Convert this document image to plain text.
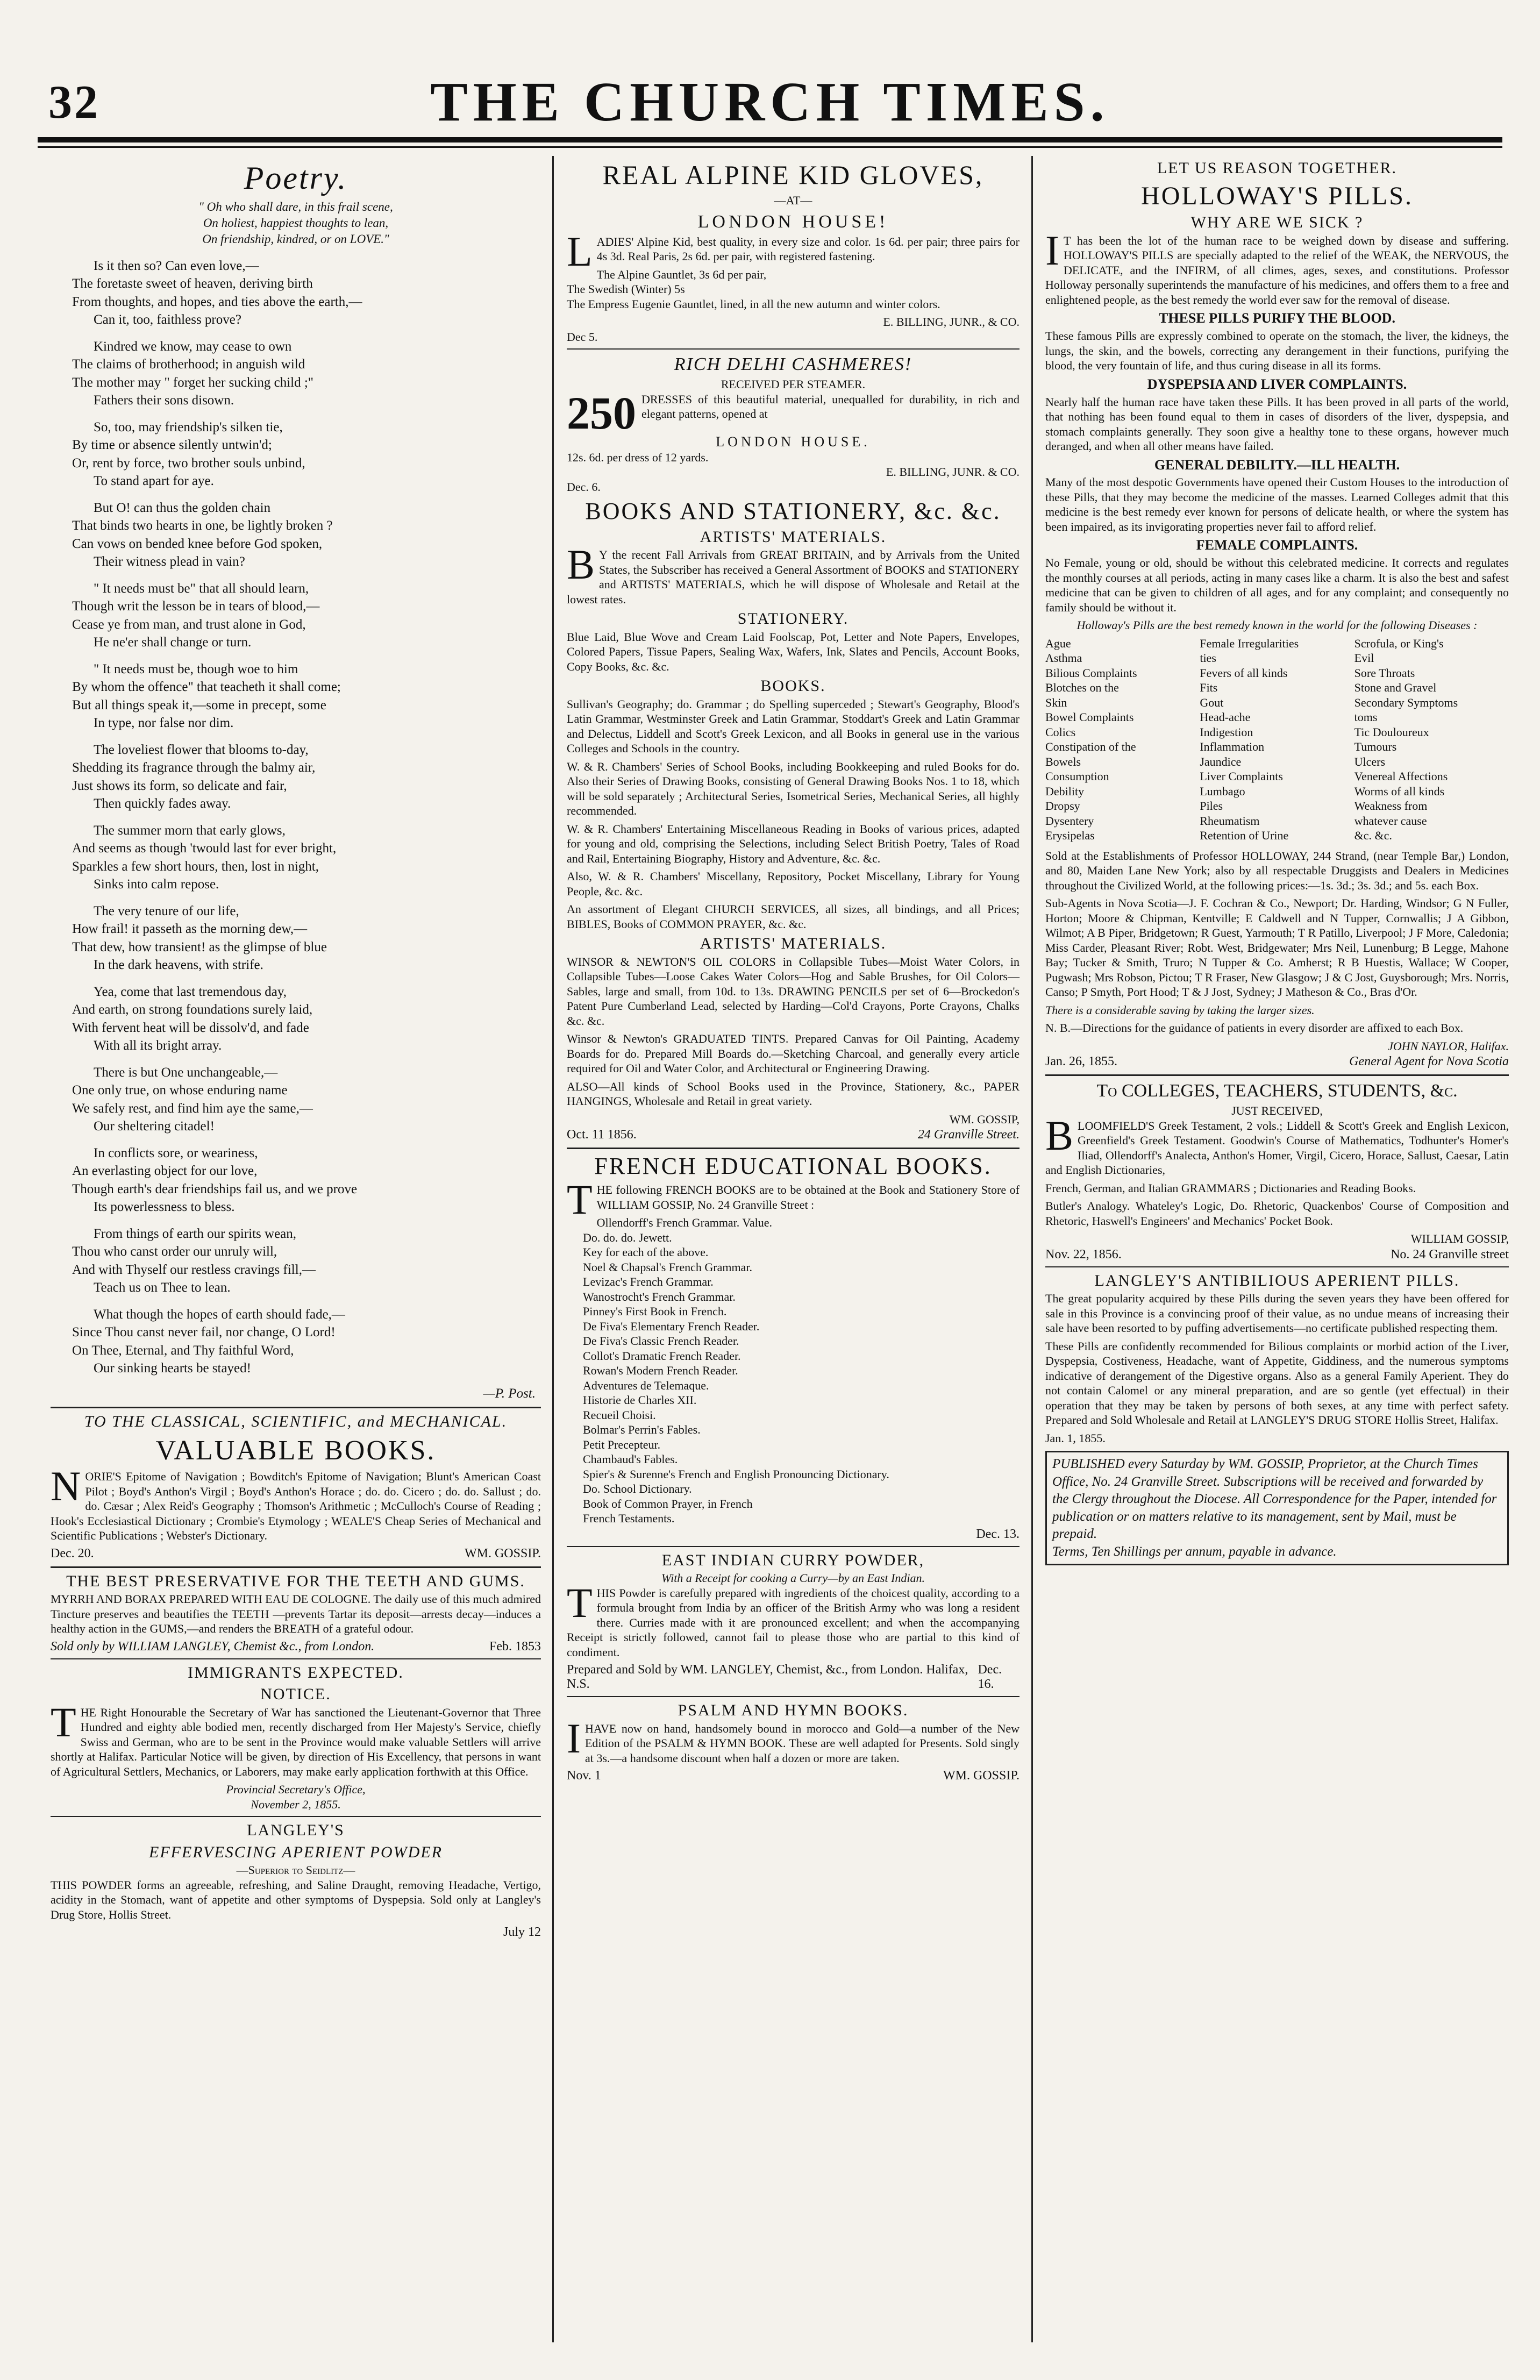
32	THE CHURCH TIMES.
Poetry.
" Oh who shall dare, in this frail scene,
On holiest, happiest thoughts to lean,
On friendship, kindred, or on LOVE."

Is it then so? Can even love,—

The foretaste sweet of heaven, deriving birth

From thoughts, and hopes, and ties above the earth,—

Can it, too, faithless prove?

Kindred we know, may cease to own

The claims of brotherhood; in anguish wild

The mother may " forget her sucking child ;"

Fathers their sons disown.

So, too, may friendship's silken tie,

By time or absence silently untwin'd;

Or, rent by force, two brother souls unbind,

To stand apart for aye.

But O! can thus the golden chain

That binds two hearts in one, be lightly broken ?

Can vows on bended knee before God spoken,

Their witness plead in vain?

" It needs must be" that all should learn,

Though writ the lesson be in tears of blood,—

Cease ye from man, and trust alone in God,

He ne'er shall change or turn.

" It needs must be, though woe to him

By whom the offence" that teacheth it shall come;

But all things speak it,—some in precept, some

In type, nor false nor dim.

The loveliest flower that blooms to-day,

Shedding its fragrance through the balmy air,

Just shows its form, so delicate and fair,

Then quickly fades away.

The summer morn that early glows,

And seems as though 'twould last for ever bright,

Sparkles a few short hours, then, lost in night,

Sinks into calm repose.

The very tenure of our life,

How frail! it passeth as the morning dew,—

That dew, how transient! as the glimpse of blue

In the dark heavens, with strife.

Yea, come that last tremendous day,

And earth, on strong foundations surely laid,

With fervent heat will be dissolv'd, and fade

With all its bright array.

There is but One unchangeable,—

One only true, on whose enduring name

We safely rest, and find him aye the same,—

Our sheltering citadel!

In conflicts sore, or weariness,

An everlasting object for our love,

Though earth's dear friendships fail us, and we prove

Its powerlessness to bless.

From things of earth our spirits wean,

Thou who canst order our unruly will,

And with Thyself our restless cravings fill,—

Teach us on Thee to lean.

What though the hopes of earth should fade,—

Since Thou canst never fail, nor change, O Lord!

On Thee, Eternal, and Thy faithful Word,

Our sinking hearts be stayed!

—P. Post.
TO THE CLASSICAL, SCIENTIFIC, and MECHANICAL.
VALUABLE BOOKS.

NORIE'S Epitome of Navigation ; Bowditch's Epitome of Navigation; Blunt's American Coast Pilot ; Boyd's Anthon's Virgil ; Boyd's Anthon's Horace ; do. do. Cicero ; do. do. Sallust ; do. do. Cæsar ; Alex Reid's Geography ; Thomson's Arithmetic ; McCulloch's Course of Reading ; Hook's Ecclesiastical Dictionary ; Crombie's Etymology ; WEALE'S Cheap Series of Mechanical and Scientific Publications ; Webster's Dictionary.

Dec. 20.	WM. GOSSIP.
THE BEST PRESERVATIVE FOR THE TEETH AND GUMS.

MYRRH AND BORAX PREPARED WITH EAU DE COLOGNE. The daily use of this much admired Tincture preserves and beautifies the TEETH —prevents Tartar its deposit—arrests decay—induces a healthy action in the GUMS,—and renders the BREATH of a grateful odour.

Sold only by WILLIAM LANGLEY, Chemist &c., from London.	Feb. 1853
IMMIGRANTS EXPECTED.
NOTICE.

THE Right Honourable the Secretary of War has sanctioned the Lieutenant-Governor that Three Hundred and eighty able bodied men, recently discharged from Her Majesty's Service, chiefly Swiss and German, who are to be sent in the Province would make valuable Settlers will arrive shortly at Halifax. Particular Notice will be given, by direction of His Excellency, that persons in want of Agricultural Settlers, Mechanics, or Laborers, may make early application forthwith at this Office.

Provincial Secretary's Office,
November 2, 1855.
LANGLEY'S
EFFERVESCING APERIENT POWDER
—Superior to Seidlitz—

THIS POWDER forms an agreeable, refreshing, and Saline Draught, removing Headache, Vertigo, acidity in the Stomach, want of appetite and other symptoms of Dyspepsia. Sold only at Langley's Drug Store, Hollis Street.

July 12
REAL ALPINE KID GLOVES,
—AT—
LONDON HOUSE!

LADIES' Alpine Kid, best quality, in every size and color. 1s 6d. per pair; three pairs for 4s 3d. Real Paris, 2s 6d. per pair, with registered fastening.

The Alpine Gauntlet, 3s 6d per pair,

The Swedish (Winter) 5s

The Empress Eugenie Gauntlet, lined, in all the new autumn and winter colors.

E. BILLING, JUNR., & CO.
Dec 5.
RICH DELHI CASHMERES!
RECEIVED PER STEAMER.
250 DRESSES of this beautiful material, unequalled for durability, in rich and elegant patterns, opened at

LONDON HOUSE.
12s. 6d. per dress of 12 yards.
E. BILLING, JUNR. & CO.
Dec. 6.
BOOKS AND STATIONERY, &c. &c.
ARTISTS' MATERIALS.

BY the recent Fall Arrivals from GREAT BRITAIN, and by Arrivals from the United States, the Subscriber has received a General Assortment of BOOKS and STATIONERY and ARTISTS' MATERIALS, which he will dispose of Wholesale and Retail at the lowest rates.

STATIONERY.

Blue Laid, Blue Wove and Cream Laid Foolscap, Pot, Letter and Note Papers, Envelopes, Colored Papers, Tissue Papers, Sealing Wax, Wafers, Ink, Slates and Pencils, Account Books, Copy Books, &c. &c.

BOOKS.

Sullivan's Geography; do. Grammar ; do Spelling superceded ; Stewart's Geography, Blood's Latin Grammar, Westminster Greek and Latin Grammar, Stoddart's Greek and Latin Grammar and Delectus, Liddell and Scott's Greek Lexicon, and all Books in general use in the various Colleges and Schools in the country.

W. & R. Chambers' Series of School Books, including Bookkeeping and ruled Books for do. Also their Series of Drawing Books, consisting of General Drawing Books Nos. 1 to 18, which will be sold separately ; Architectural Series, Isometrical Series, Mechanical Series, all highly recommended.

W. & R. Chambers' Entertaining Miscellaneous Reading in Books of various prices, adapted for young and old, comprising the Selections, including Select British Poetry, Tales of Road and Rail, Entertaining Biography, History and Adventure, &c. &c.

Also, W. & R. Chambers' Miscellany, Repository, Pocket Miscellany, Library for Young People, &c. &c.

An assortment of Elegant CHURCH SERVICES, all sizes, all bindings, and all Prices; BIBLES, Books of COMMON PRAYER, &c. &c.

ARTISTS' MATERIALS.

WINSOR & NEWTON'S OIL COLORS in Collapsible Tubes—Moist Water Colors, in Collapsible Tubes—Loose Cakes Water Colors—Hog and Sable Brushes, for Oil Colors—Sables, large and small, from 10d. to 13s. DRAWING PENCILS per set of 6—Brockedon's Patent Pure Cumberland Lead, selected by Harding—Col'd Crayons, Porte Crayons, Chalks &c. &c.

Winsor & Newton's GRADUATED TINTS. Prepared Canvas for Oil Painting, Academy Boards for do. Prepared Mill Boards do.—Sketching Charcoal, and generally every article required for Oil and Water Color, and Architectural or Engineering Drawing.

ALSO—All kinds of School Books used in the Province, Stationery, &c., PAPER HANGINGS, Wholesale and Retail in great variety.

WM. GOSSIP,
Oct. 11 1856.	24 Granville Street.
FRENCH EDUCATIONAL BOOKS.

THE following FRENCH BOOKS are to be obtained at the Book and Stationery Store of WILLIAM GOSSIP, No. 24 Granville Street :

Ollendorff's French Grammar. Value.
Do. do. do. Jewett.
Key for each of the above.
Noel & Chapsal's French Grammar.
Levizac's French Grammar.
Wanostrocht's French Grammar.
Pinney's First Book in French.
De Fiva's Elementary French Reader.
De Fiva's Classic French Reader.
Collot's Dramatic French Reader.
Rowan's Modern French Reader.
Adventures de Telemaque.
Historie de Charles XII.
Recueil Choisi.
Bolmar's Perrin's Fables.
Petit Precepteur.
Chambaud's Fables.
Spier's & Surenne's French and English Pronouncing Dictionary.
Do. School Dictionary.
Book of Common Prayer, in French
French Testaments.
Dec. 13.
EAST INDIAN CURRY POWDER,
With a Receipt for cooking a Curry—by an East Indian.

THIS Powder is carefully prepared with ingredients of the choicest quality, according to a formula brought from India by an officer of the British Army who was long a resident there. Curries made with it are pronounced excellent; and when the accompanying Receipt is strictly followed, cannot fail to please those who are partial to this kind of condiment.

Prepared and Sold by WM. LANGLEY, Chemist, &c., from London. Halifax, N.S.
Dec. 16.
PSALM AND HYMN BOOKS.

IHAVE now on hand, handsomely bound in morocco and Gold—a number of the New Edition of the PSALM & HYMN BOOK. These are well adapted for Presents. Sold singly at 3s.—a handsome discount when half a dozen or more are taken.

Nov. 1	WM. GOSSIP.
LET US REASON TOGETHER.
HOLLOWAY'S PILLS.
WHY ARE WE SICK ?

IT has been the lot of the human race to be weighed down by disease and suffering. HOLLOWAY'S PILLS are specially adapted to the relief of the WEAK, the NERVOUS, the DELICATE, and the INFIRM, of all climes, ages, sexes, and constitutions. Professor Holloway personally superintends the manufacture of his medicines, and offers them to a free and enlightened people, as the best remedy the world ever saw for the removal of disease.

THESE PILLS PURIFY THE BLOOD.

These famous Pills are expressly combined to operate on the stomach, the liver, the kidneys, the lungs, the skin, and the bowels, correcting any derangement in their functions, purifying the blood, the very fountain of life, and thus curing disease in all its forms.

DYSPEPSIA AND LIVER COMPLAINTS.

Nearly half the human race have taken these Pills. It has been proved in all parts of the world, that nothing has been found equal to them in cases of disorders of the liver, dyspepsia, and stomach complaints generally. They soon give a healthy tone to these organs, however much deranged, and when all other means have failed.

GENERAL DEBILITY.—ILL HEALTH.

Many of the most despotic Governments have opened their Custom Houses to the introduction of these Pills, that they may become the medicine of the masses. Learned Colleges admit that this medicine is the best remedy ever known for persons of delicate health, or where the system has been impaired, as its invigorating properties never fail to afford relief.

FEMALE COMPLAINTS.

No Female, young or old, should be without this celebrated medicine. It corrects and regulates the monthly courses at all periods, acting in many cases like a charm. It is also the best and safest medicine that can be given to children of all ages, and for any complaint; and consequently no family should be without it.

Holloway's Pills are the best remedy known in the world for the following Diseases :
Ague	Female Irregularities	Scrofula, or King's
Asthma	ties	Evil
Bilious Complaints	Fevers of all kinds	Sore Throats
Blotches on the	Fits	Stone and Gravel
Skin	Gout	Secondary Symptoms
Bowel Complaints	Head-ache	toms
Colics	Indigestion	Tic Douloureux
Constipation of the	Inflammation	Tumours
Bowels	Jaundice	Ulcers
Consumption	Liver Complaints	Venereal Affections
Debility	Lumbago	Worms of all kinds
Dropsy	Piles	Weakness from
Dysentery	Rheumatism	whatever cause
Erysipelas	Retention of Urine	&c. &c.

Sold at the Establishments of Professor HOLLOWAY, 244 Strand, (near Temple Bar,) London, and 80, Maiden Lane New York; also by all respectable Druggists and Dealers in Medicines throughout the Civilized World, at the following prices:—1s. 3d.; 3s. 3d.; and 5s. each Box.

Sub-Agents in Nova Scotia—J. F. Cochran & Co., Newport; Dr. Harding, Windsor; G N Fuller, Horton; Moore & Chipman, Kentville; E Caldwell and N Tupper, Cornwallis; J A Gibbon, Wilmot; A B Piper, Bridgetown; R Guest, Yarmouth; T R Patillo, Liverpool; J F More, Caledonia; Miss Carder, Pleasant River; Robt. West, Bridgewater; Mrs Neil, Lunenburg; B Legge, Mahone Bay; Tucker & Smith, Truro; N Tupper & Co. Amherst; R B Huestis, Wallace; W Cooper, Pugwash; Mrs Robson, Pictou; T R Fraser, New Glasgow; J & C Jost, Guysborough; Mrs. Norris, Canso; P Smyth, Port Hood; T & J Jost, Sydney; J Matheson & Co., Bras d'Or.

There is a considerable saving by taking the larger sizes.

N. B.—Directions for the guidance of patients in every disorder are affixed to each Box.

JOHN NAYLOR, Halifax.
Jan. 26, 1855.	General Agent for Nova Scotia
To COLLEGES, TEACHERS, STUDENTS, &c.
JUST RECEIVED,

BLOOMFIELD'S Greek Testament, 2 vols.; Liddell & Scott's Greek and English Lexicon, Greenfield's Greek Testament. Goodwin's Course of Mathematics, Todhunter's Homer's Iliad, Ollendorff's Analecta, Anthon's Homer, Virgil, Cicero, Horace, Sallust, Caesar, Latin and English Dictionaries,

French, German, and Italian GRAMMARS ; Dictionaries and Reading Books.

Butler's Analogy. Whateley's Logic, Do. Rhetoric, Quackenbos' Course of Composition and Rhetoric, Haswell's Engineers' and Mechanics' Pocket Book.

WILLIAM GOSSIP,
Nov. 22, 1856.	No. 24 Granville street
LANGLEY'S ANTIBILIOUS APERIENT PILLS.

The great popularity acquired by these Pills during the seven years they have been offered for sale in this Province is a convincing proof of their value, as no undue means of increasing their sale have been resorted to by puffing advertisements—no certificate published respecting them.

These Pills are confidently recommended for Bilious complaints or morbid action of the Liver, Dyspepsia, Costiveness, Headache, want of Appetite, Giddiness, and the numerous symptoms indicative of derangement of the Digestive organs. Also as a general Family Aperient. They do not contain Calomel or any mineral preparation, and are so gentle (yet effectual) in their operation that they may be taken by persons of both sexes, at any time with perfect safety. Prepared and Sold Wholesale and Retail at LANGLEY'S DRUG STORE Hollis Street, Halifax.

Jan. 1, 1855.
PUBLISHED every Saturday by WM. GOSSIP, Proprietor, at the Church Times Office, No. 24 Granville Street. Subscriptions will be received and forwarded by the Clergy throughout the Diocese. All Correspondence for the Paper, intended for publication or on matters relative to its management, sent by Mail, must be prepaid.
Terms, Ten Shillings per annum, payable in advance.
